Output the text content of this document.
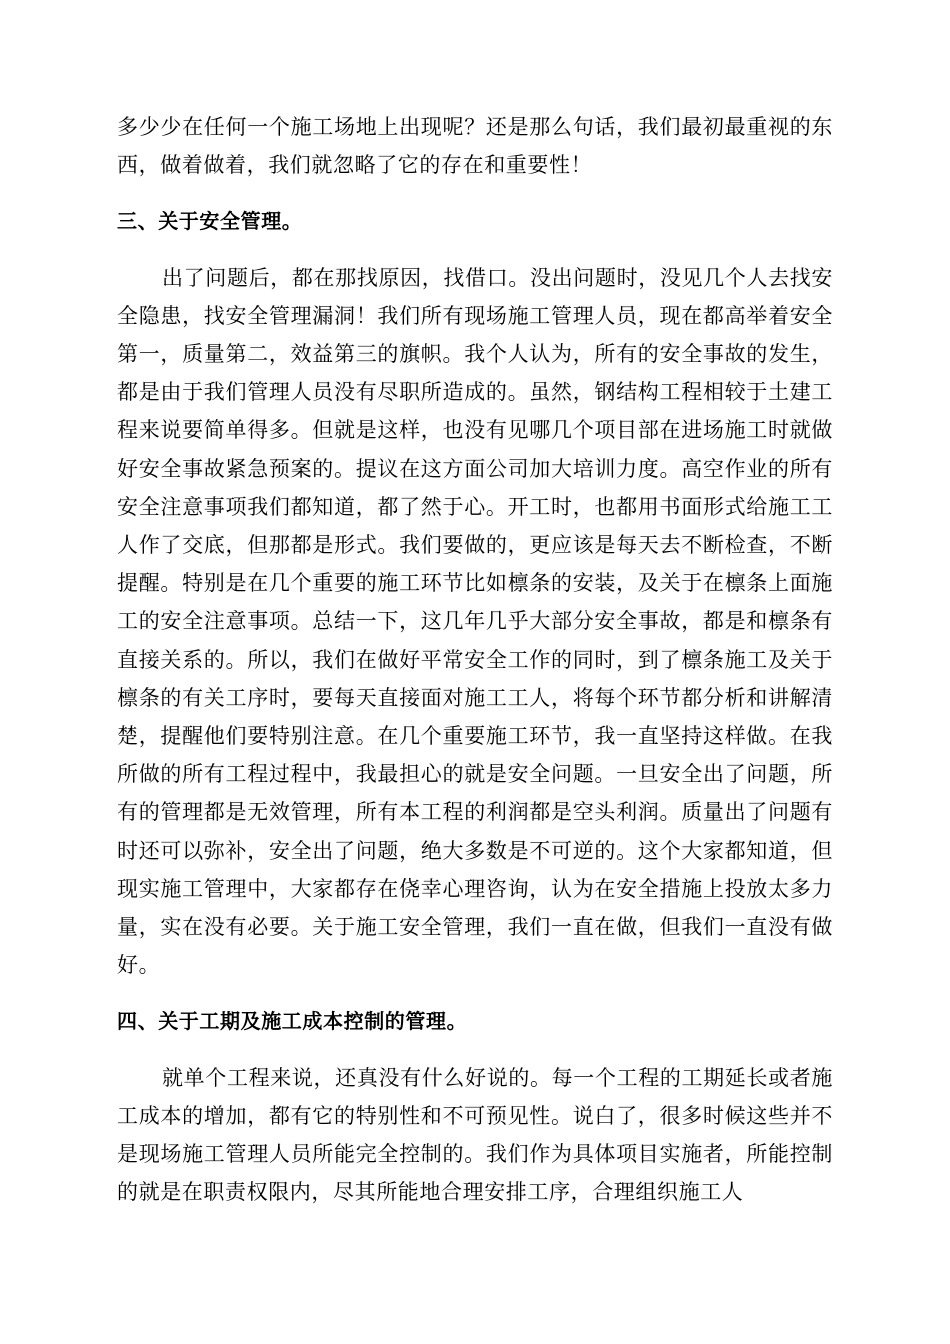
多少少在任何一个施工场地上出现呢？还是那么句话，我们最初最重视的东西，做着做着，我们就忽略了它的存在和重要性！

三、关于安全管理。

出了问题后，都在那找原因，找借口。没出问题时，没见几个人去找安全隐患，找安全管理漏洞！我们所有现场施工管理人员，现在都高举着安全第一，质量第二，效益第三的旗帜。我个人认为，所有的安全事故的发生，都是由于我们管理人员没有尽职所造成的。虽然，钢结构工程相较于土建工程来说要简单得多。但就是这样，也没有见哪几个项目部在进场施工时就做好安全事故紧急预案的。提议在这方面公司加大培训力度。高空作业的所有安全注意事项我们都知道，都了然于心。开工时，也都用书面形式给施工工人作了交底，但那都是形式。我们要做的，更应该是每天去不断检查，不断提醒。特别是在几个重要的施工环节比如檩条的安装，及关于在檩条上面施工的安全注意事项。总结一下，这几年几乎大部分安全事故，都是和檩条有直接关系的。所以，我们在做好平常安全工作的同时，到了檩条施工及关于檩条的有关工序时，要每天直接面对施工工人，将每个环节都分析和讲解清楚，提醒他们要特别注意。在几个重要施工环节，我一直坚持这样做。在我所做的所有工程过程中，我最担心的就是安全问题。一旦安全出了问题，所有的管理都是无效管理，所有本工程的利润都是空头利润。质量出了问题有时还可以弥补，安全出了问题，绝大多数是不可逆的。这个大家都知道，但现实施工管理中，大家都存在侥幸心理咨询，认为在安全措施上投放太多力量，实在没有必要。关于施工安全管理，我们一直在做，但我们一直没有做好。

四、关于工期及施工成本控制的管理。

就单个工程来说，还真没有什么好说的。每一个工程的工期延长或者施工成本的增加，都有它的特别性和不可预见性。说白了，很多时候这些并不是现场施工管理人员所能完全控制的。我们作为具体项目实施者，所能控制的就是在职责权限内，尽其所能地合理安排工序，合理组织施工人
